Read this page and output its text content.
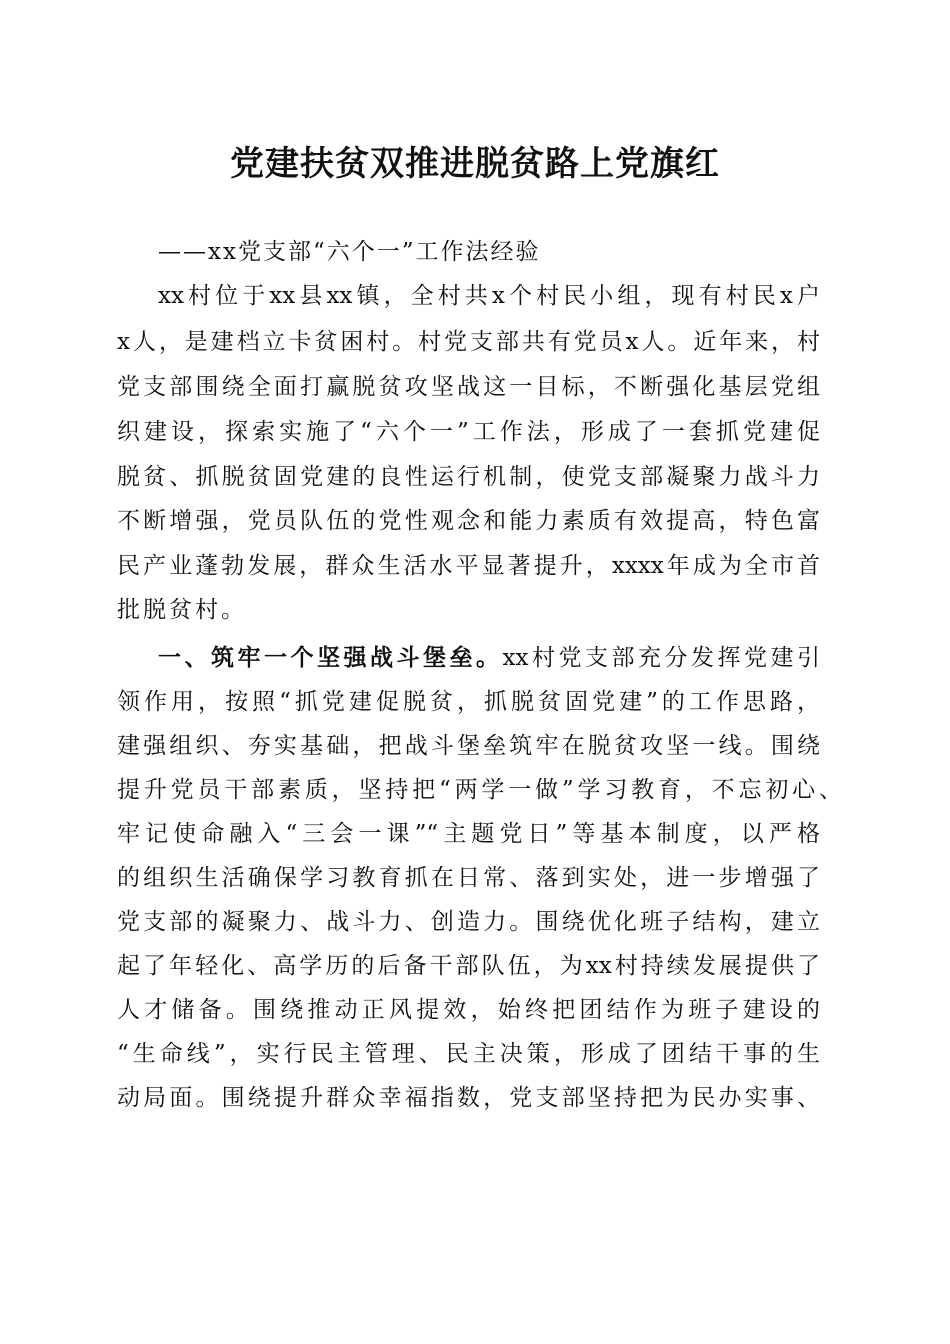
党建扶贫双推进脱贫路上党旗红
——xx党支部“六个一”工作法经验
xx村位于xx县xx镇，全村共x个村民小组，现有村民x户
x人，是建档立卡贫困村。村党支部共有党员x人。近年来，村
党支部围绕全面打赢脱贫攻坚战这一目标，不断强化基层党组
织建设，探索实施了“六个一”工作法，形成了一套抓党建促
脱贫、抓脱贫固党建的良性运行机制，使党支部凝聚力战斗力
不断增强，党员队伍的党性观念和能力素质有效提高，特色富
民产业蓬勃发展，群众生活水平显著提升，xxxx年成为全市首
批脱贫村。
一、筑牢一个坚强战斗堡垒。xx村党支部充分发挥党建引
领作用，按照“抓党建促脱贫，抓脱贫固党建”的工作思路，
建强组织、夯实基础，把战斗堡垒筑牢在脱贫攻坚一线。围绕
提升党员干部素质，坚持把“两学一做”学习教育，不忘初心、
牢记使命融入“三会一课”“主题党日”等基本制度，以严格
的组织生活确保学习教育抓在日常、落到实处，进一步增强了
党支部的凝聚力、战斗力、创造力。围绕优化班子结构，建立
起了年轻化、高学历的后备干部队伍，为xx村持续发展提供了
人才储备。围绕推动正风提效，始终把团结作为班子建设的
“生命线”，实行民主管理、民主决策，形成了团结干事的生
动局面。围绕提升群众幸福指数，党支部坚持把为民办实事、
